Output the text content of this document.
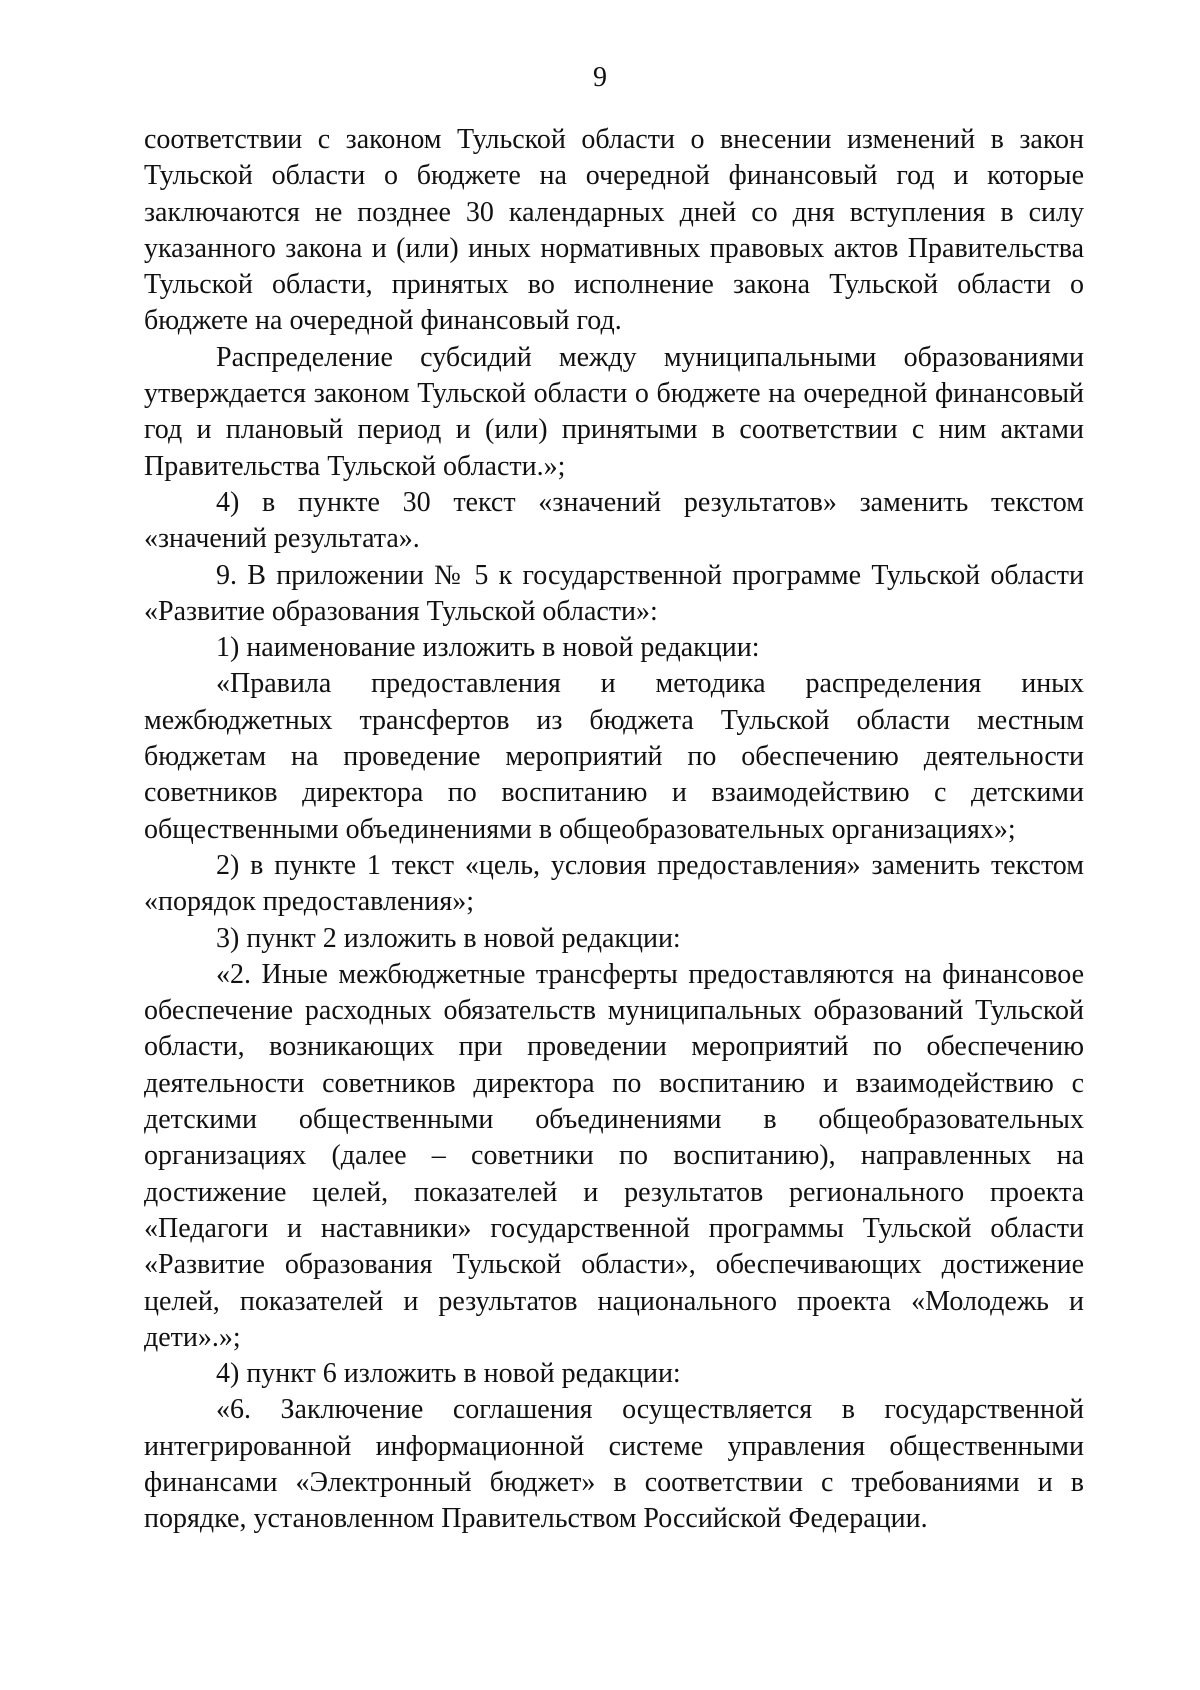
9

соответствии с законом Тульской области о внесении изменений в закон Тульской области о бюджете на очередной финансовый год и которые заключаются не позднее 30 календарных дней со дня вступления в силу указанного закона и (или) иных нормативных правовых актов Правительства Тульской области, принятых во исполнение закона Тульской области о бюджете на очередной финансовый год.

Распределение субсидий между муниципальными образованиями утверждается законом Тульской области о бюджете на очередной финансовый год и плановый период и (или) принятыми в соответствии с ним актами Правительства Тульской области.»;

4) в пункте 30 текст «значений результатов» заменить текстом «значений результата».

9. В приложении № 5 к государственной программе Тульской области «Развитие образования Тульской области»:

1) наименование изложить в новой редакции:

«Правила предоставления и методика распределения иных межбюджетных трансфертов из бюджета Тульской области местным бюджетам на проведение мероприятий по обеспечению деятельности советников директора по воспитанию и взаимодействию с детскими общественными объединениями в общеобразовательных организациях»;

2) в пункте 1 текст «цель, условия предоставления» заменить текстом «порядок предоставления»;

3) пункт 2 изложить в новой редакции:

«2. Иные межбюджетные трансферты предоставляются на финансовое обеспечение расходных обязательств муниципальных образований Тульской области, возникающих при проведении мероприятий по обеспечению деятельности советников директора по воспитанию и взаимодействию с детскими общественными объединениями в общеобразовательных организациях (далее – советники по воспитанию), направленных на достижение целей, показателей и результатов регионального проекта «Педагоги и наставники» государственной программы Тульской области «Развитие образования Тульской области», обеспечивающих достижение целей, показателей и результатов национального проекта «Молодежь и дети».»;

4) пункт 6 изложить в новой редакции:

«6. Заключение соглашения осуществляется в государственной интегрированной информационной системе управления общественными финансами «Электронный бюджет» в соответствии с требованиями и в порядке, установленном Правительством Российской Федерации.
